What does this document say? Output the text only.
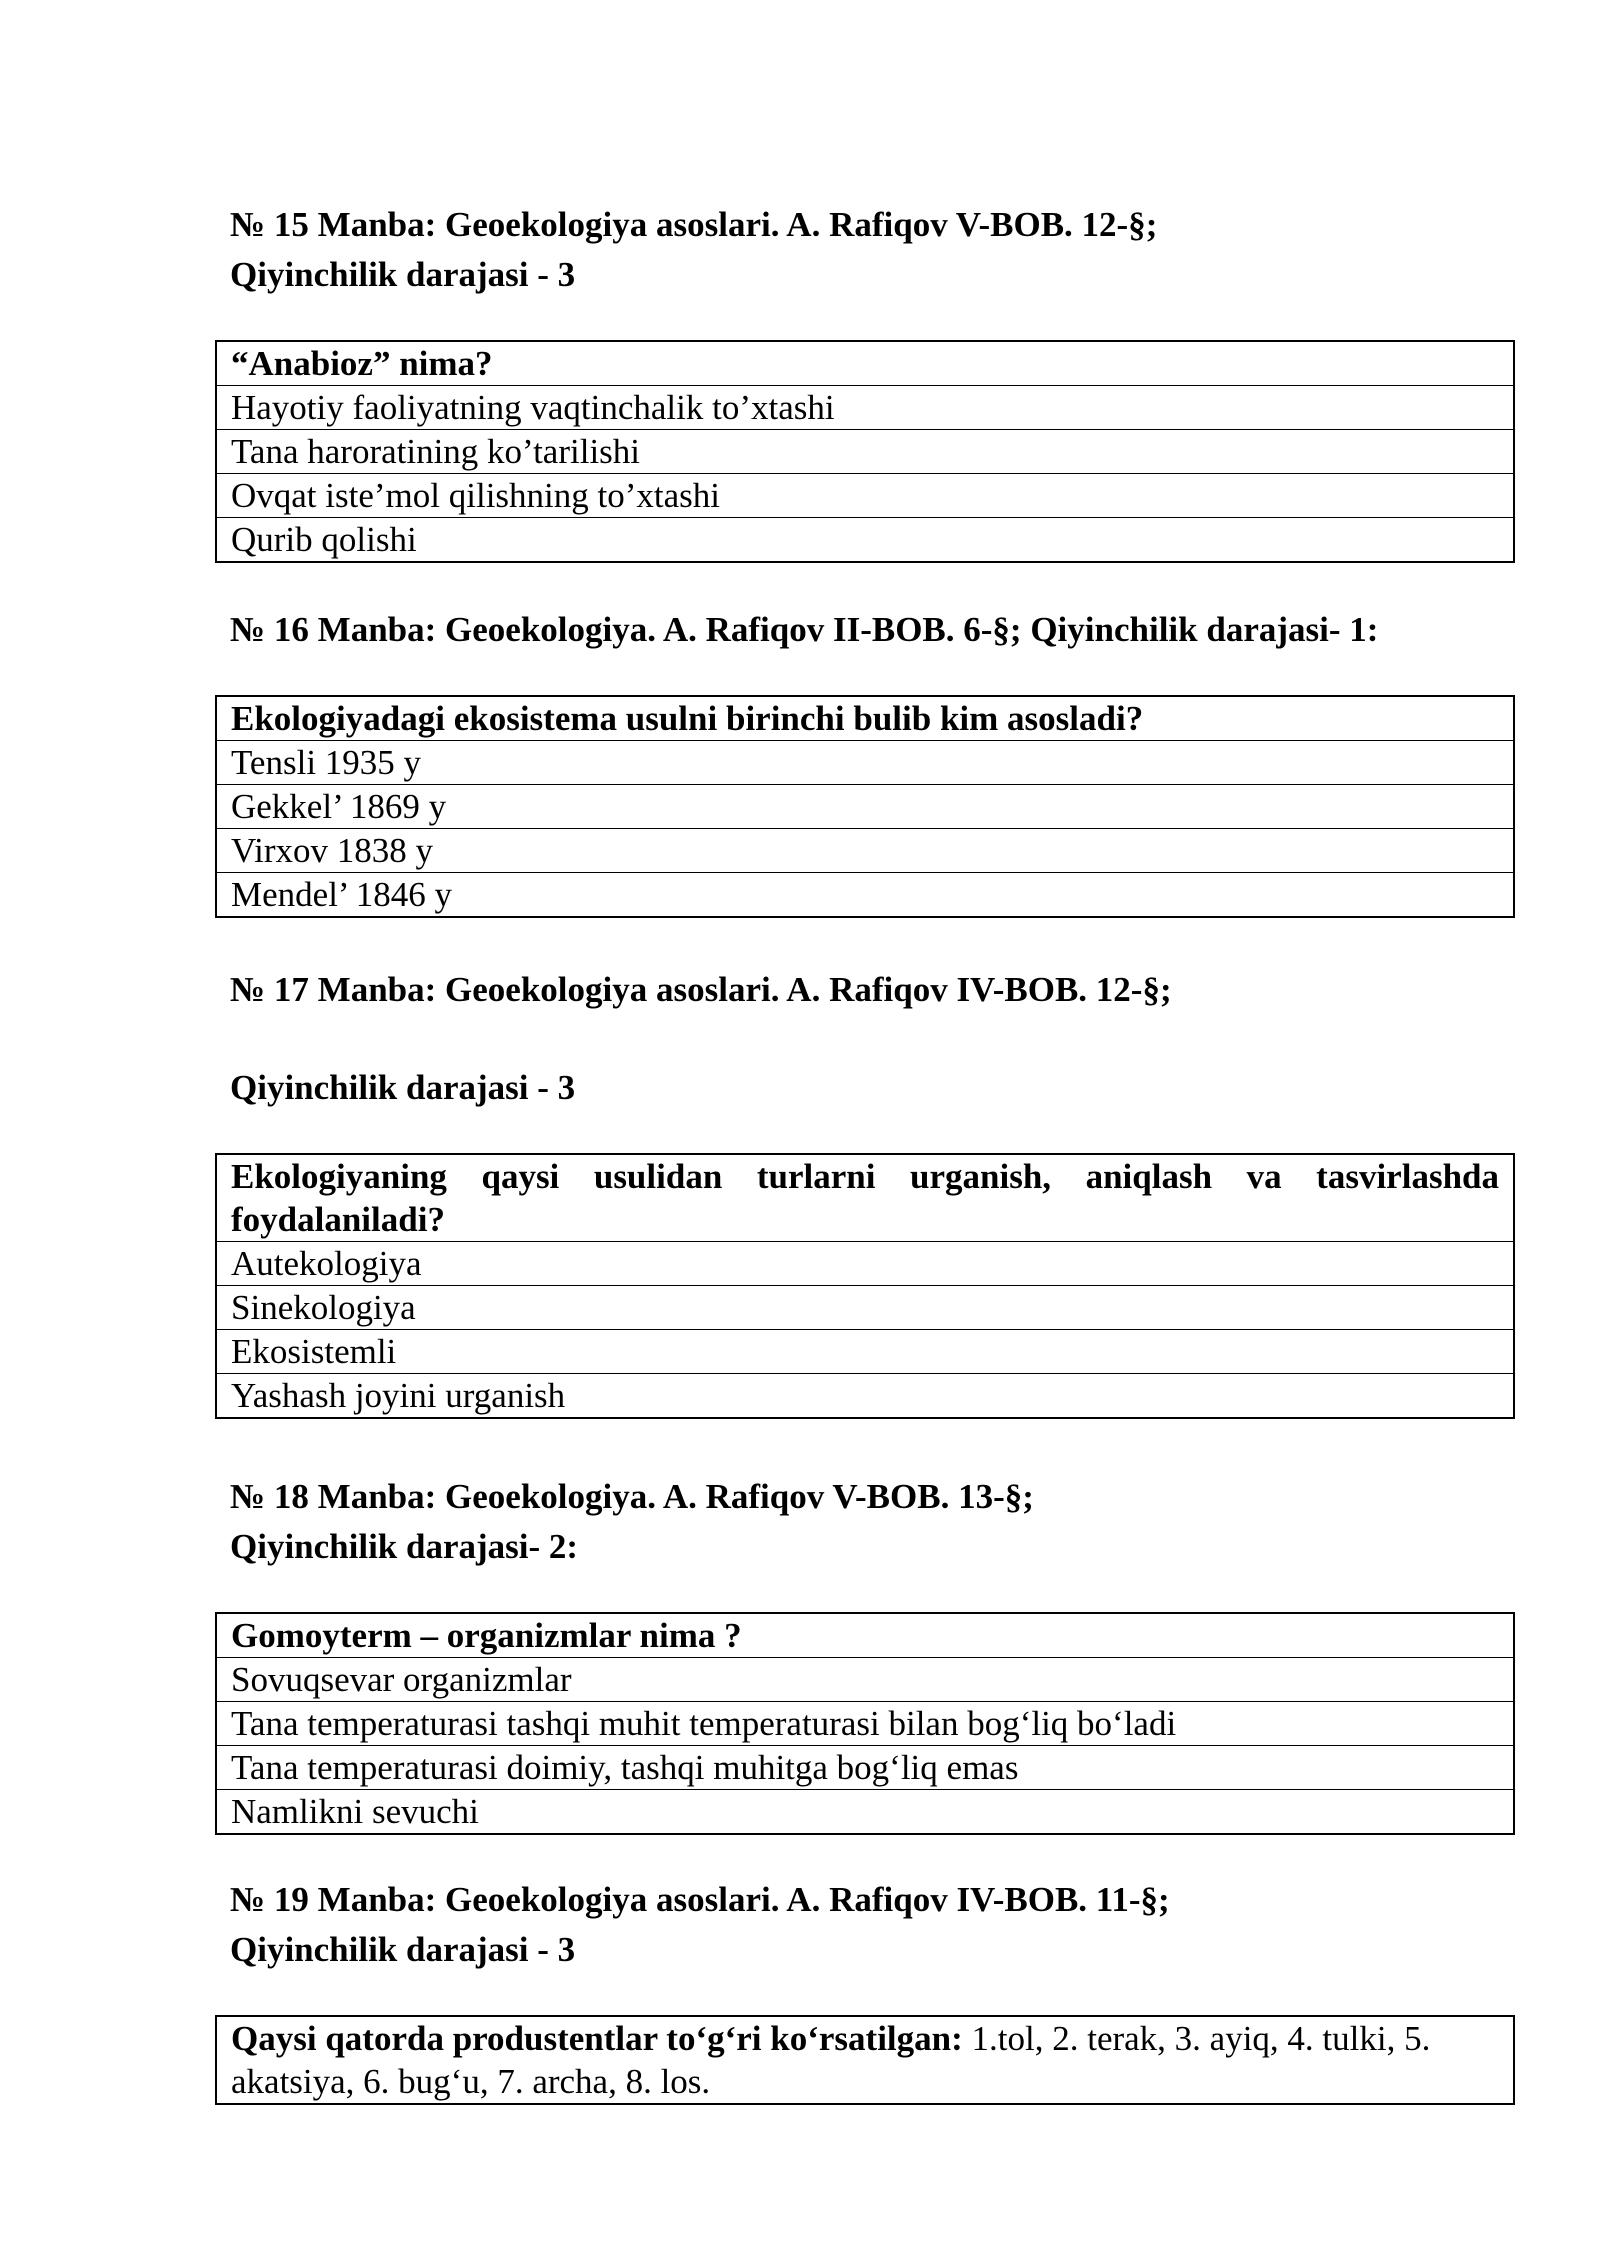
№ 15 Manba: Geoekologiya asoslari. A. Rafiqov V-BOB. 12-§;
Qiyinchilik darajasi - 3
“Anabioz” nima?
Hayotiy faoliyatning vaqtinchalik to’xtashi
Tana haroratining ko’tarilishi
Ovqat iste’mol qilishning to’xtashi
Qurib qolishi
№ 16 Manba: Geoekologiya. A. Rafiqov II-BOB. 6-§; Qiyinchilik darajasi- 1:
Ekologiyadagi ekosistema usulni birinchi bulib kim asosladi?
Tensli 1935 y
Gekkel’ 1869 y
Virxov 1838 y
Mendel’ 1846 y
№ 17 Manba: Geoekologiya asoslari. A. Rafiqov IV-BOB. 12-§;
Qiyinchilik darajasi - 3
Ekologiyaning qaysi usulidan turlarni urganish, aniqlash va tasvirlashda foydalaniladi?
Autekologiya
Sinekologiya
Ekosistemli
Yashash joyini urganish
№ 18 Manba: Geoekologiya. A. Rafiqov V-BOB. 13-§;
Qiyinchilik darajasi- 2:
Gomoyterm – organizmlar nima ?
Sovuqsevar organizmlar
Tana temperaturasi tashqi muhit temperaturasi bilan bog‘liq bo‘ladi
Tana temperaturasi doimiy, tashqi muhitga bog‘liq emas
Namlikni sevuchi
№ 19 Manba: Geoekologiya asoslari. A. Rafiqov IV-BOB. 11-§;
Qiyinchilik darajasi - 3
Qaysi qatorda produstentlar to‘g‘ri ko‘rsatilgan: 1.tol, 2. terak, 3. ayiq, 4. tulki, 5. akatsiya, 6. bug‘u, 7. archa, 8. los.
